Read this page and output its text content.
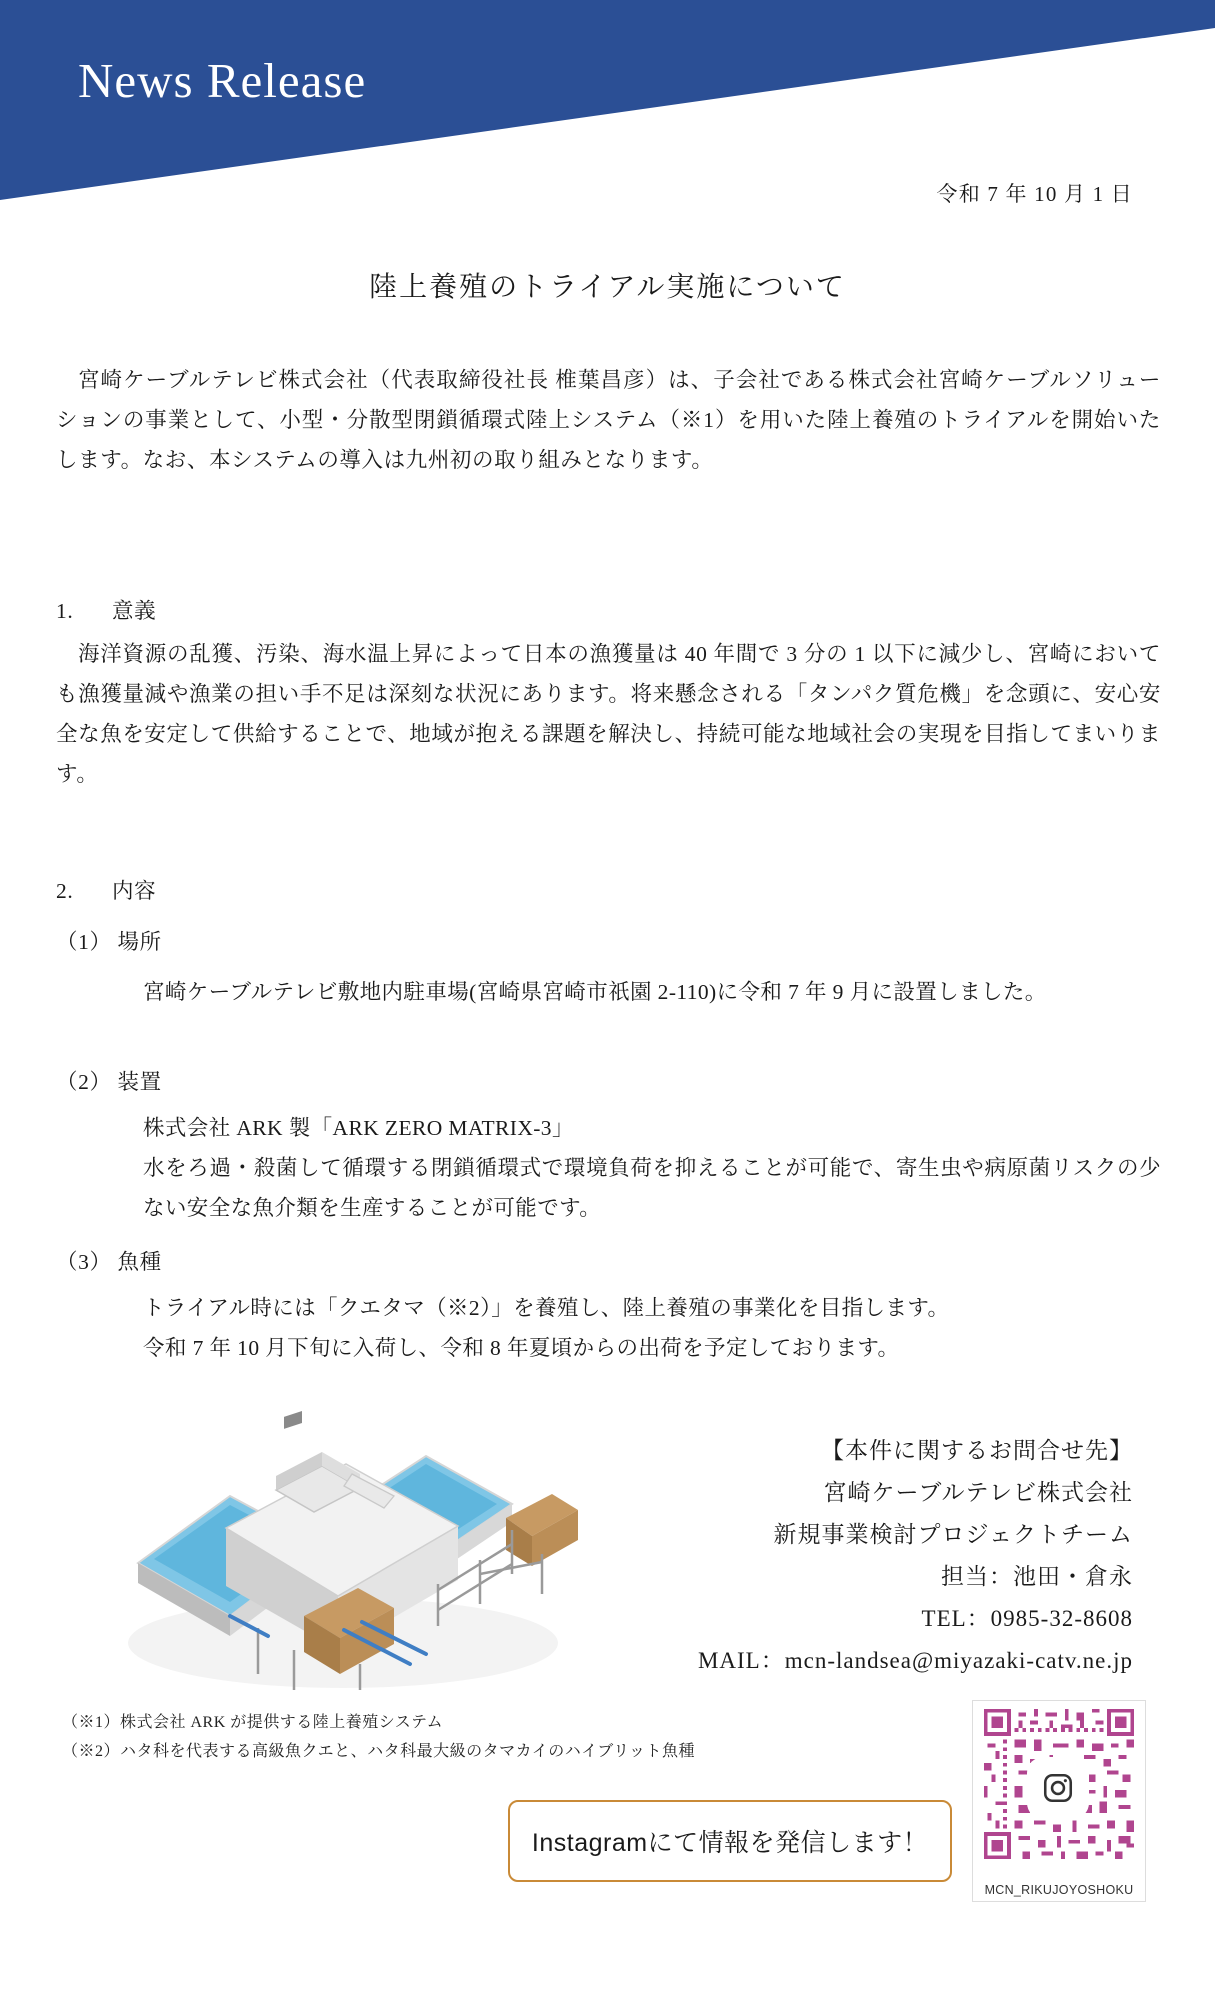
News Release
令和 7 年 10 月 1 日
陸上養殖のトライアル実施について
宮崎ケーブルテレビ株式会社（代表取締役社長 椎葉昌彦）は、子会社である株式会社宮崎ケーブルソリューションの事業として、小型・分散型閉鎖循環式陸上システム（※1）を用いた陸上養殖のトライアルを開始いたします。なお、本システムの導入は九州初の取り組みとなります。
1. 意義
海洋資源の乱獲、汚染、海水温上昇によって日本の漁獲量は 40 年間で 3 分の 1 以下に減少し、宮崎においても漁獲量減や漁業の担い手不足は深刻な状況にあります。将来懸念される「タンパク質危機」を念頭に、安心安全な魚を安定して供給することで、地域が抱える課題を解決し、持続可能な地域社会の実現を目指してまいります。
2. 内容
（1） 場所
宮崎ケーブルテレビ敷地内駐車場(宮崎県宮崎市祇園 2-110)に令和 7 年 9 月に設置しました。
（2） 装置
株式会社 ARK 製「ARK ZERO MATRIX-3」
水をろ過・殺菌して循環する閉鎖循環式で環境負荷を抑えることが可能で、寄生虫や病原菌リスクの少ない安全な魚介類を生産することが可能です。
（3） 魚種
トライアル時には「クエタマ（※2）」を養殖し、陸上養殖の事業化を目指します。
令和 7 年 10 月下旬に入荷し、令和 8 年夏頃からの出荷を予定しております。
【本件に関するお問合せ先】
宮崎ケーブルテレビ株式会社
新規事業検討プロジェクトチーム
担当：池田・倉永
TEL：0985-32-8608
MAIL：mcn-landsea@miyazaki-catv.ne.jp
（※1）株式会社 ARK が提供する陸上養殖システム
（※2）ハタ科を代表する高級魚クエと、ハタ科最大級のタマカイのハイブリット魚種
Instagramにて情報を発信します！
MCN_RIKUJOYOSHOKU
